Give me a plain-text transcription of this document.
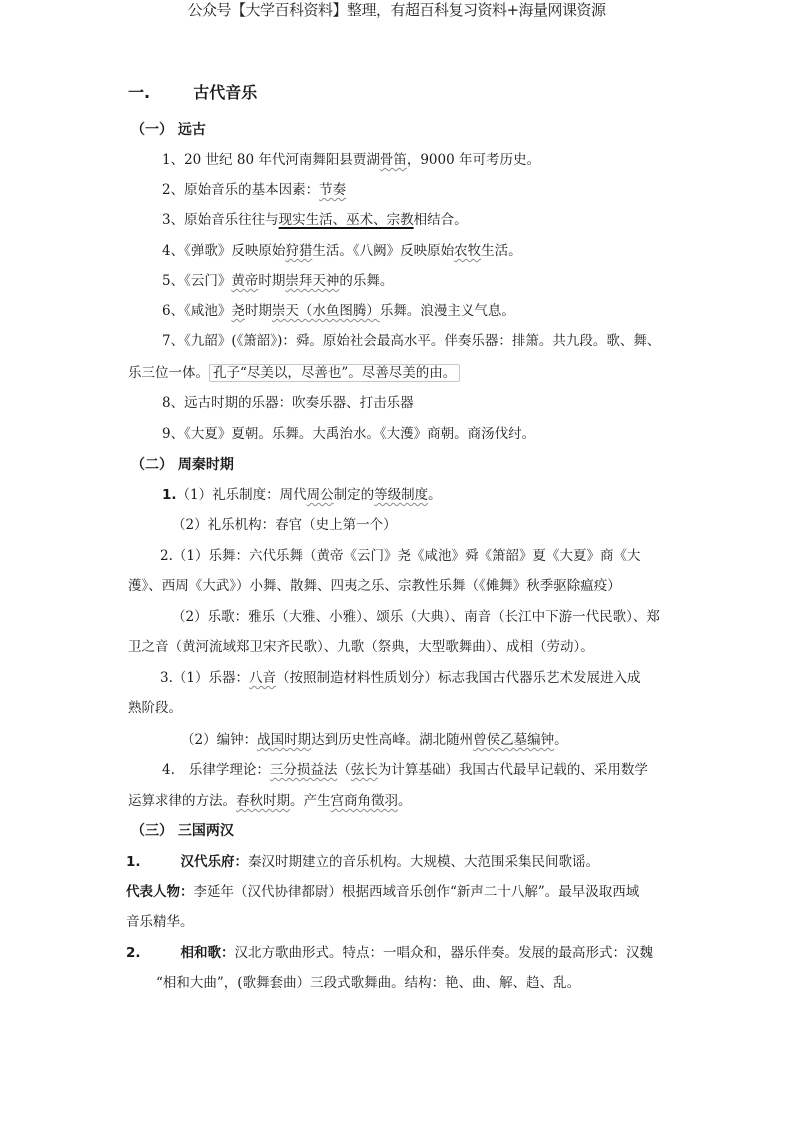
公众号【大学百科资料】整理，有超百科复习资料+海量网课资源
一.	古代音乐
（一） 远古
1、20 世纪 80 年代河南舞阳县贾湖骨笛，9000 年可考历史。
2、原始音乐的基本因素：节奏
3、原始音乐往往与现实生活、巫术、宗教相结合。
4、《弹歌》反映原始狩猎生活。《八阙》反映原始农牧生活。
5、《云门》黄帝时期崇拜天神的乐舞。
6、《咸池》尧时期崇天（水鱼图腾）乐舞。浪漫主义气息。
7、《九韶》(《箫韶》)：舜。原始社会最高水平。伴奏乐器：排箫。共九段。歌、舞、
乐三位一体。 孔子“尽美以，尽善也”。尽善尽美的由。
8、远古时期的乐器：吹奏乐器、打击乐器
9、《大夏》夏朝。乐舞。大禹治水。《大濩》商朝。商汤伐纣。
（二） 周秦时期
1.（1）礼乐制度：周代周公制定的等级制度。
（2）礼乐机构：春官（史上第一个）
2.（1）乐舞：六代乐舞（黄帝《云门》尧《咸池》舜《箫韶》夏《大夏》商《大
濩》、西周《大武》）小舞、散舞、四夷之乐、宗教性乐舞（《傩舞》秋季驱除瘟疫）
（2）乐歌：雅乐（大雅、小雅）、颂乐（大典）、南音（长江中下游一代民歌）、郑
卫之音（黄河流域郑卫宋齐民歌）、九歌（祭典，大型歌舞曲）、成相（劳动）。
3.（1）乐器：八音（按照制造材料性质划分）标志我国古代器乐艺术发展进入成
熟阶段。
（2）编钟：战国时期达到历史性高峰。湖北随州曾侯乙墓编钟。
4. 乐律学理论：三分损益法（弦长为计算基础）我国古代最早记载的、采用数学
运算求律的方法。春秋时期。产生宫商角徵羽。
（三） 三国两汉
1.	汉代乐府：秦汉时期建立的音乐机构。大规模、大范围采集民间歌谣。
代表人物：李延年（汉代协律都尉）根据西域音乐创作“新声二十八解”。最早汲取西域
音乐精华。
2.	相和歌：汉北方歌曲形式。特点：一唱众和，器乐伴奏。发展的最高形式：汉魏
“相和大曲”，(歌舞套曲）三段式歌舞曲。结构：艳、曲、解、趋、乱。
